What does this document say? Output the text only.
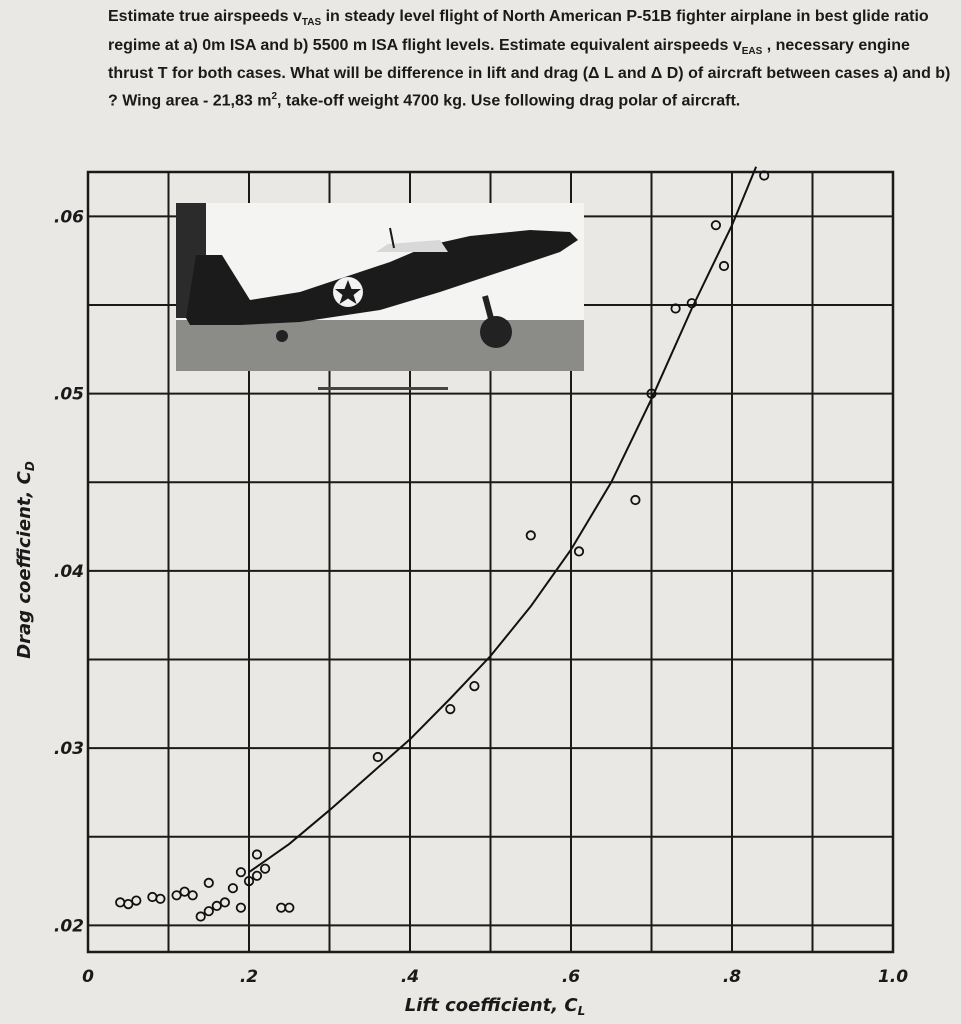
Estimate true airspeeds $v_{TAS}$ in steady level flight of North American P-51B fighter airplane in best glide ratio regime at a) 0m ISA and b) 5500 m ISA flight levels. Estimate equivalent airspeeds $v_{EAS}$ , necessary engine thrust T for both cases. What will be difference in lift and drag (Δ L and Δ D) of aircraft between cases a) and b) ? Wing area - 21,83 $m^2$, take-off weight 4700 kg. Use following drag polar of aircraft.

0	.2	.4	.6	.8	1.0
.02
.03
.04
.05
.06
Lift coefficient, $C_L$
Drag coefficient, $C_D$
